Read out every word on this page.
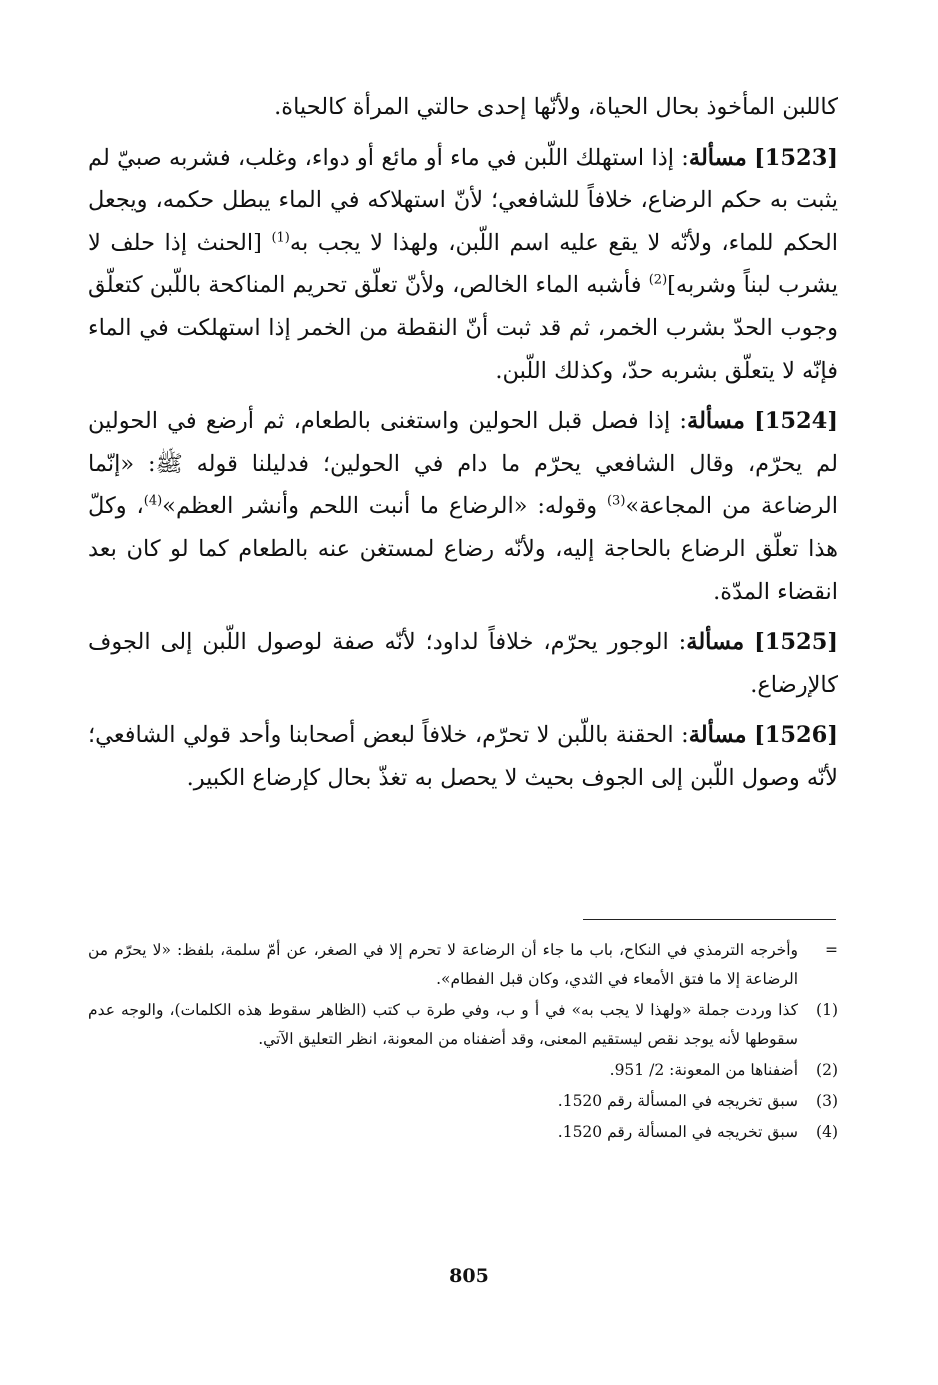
كاللبن المأخوذ بحال الحياة، ولأنّها إحدى حالتي المرأة كالحياة.

[1523] مسألة: إذا استهلك اللّبن في ماء أو مائع أو دواء، وغلب، فشربه صبيّ لم يثبت به حكم الرضاع، خلافاً للشافعي؛ لأنّ استهلاكه في الماء يبطل حكمه، ويجعل الحكم للماء، ولأنّه لا يقع عليه اسم اللّبن، ولهذا لا يجب به$^{(1)}$ [الحنث إذا حلف لا يشرب لبناً وشربه]$^{(2)}$ فأشبه الماء الخالص، ولأنّ تعلّق تحريم المناكحة باللّبن كتعلّق وجوب الحدّ بشرب الخمر، ثم قد ثبت أنّ النقطة من الخمر إذا استهلكت في الماء فإنّه لا يتعلّق بشربه حدّ، وكذلك اللّبن.

[1524] مسألة: إذا فصل قبل الحولين واستغنى بالطعام، ثم أرضع في الحولين لم يحرّم، وقال الشافعي يحرّم ما دام في الحولين؛ فدليلنا قوله ﷺ: «إنّما الرضاعة من المجاعة»$^{(3)}$ وقوله: «الرضاع ما أنبت اللحم وأنشر العظم»$^{(4)}$، وكلّ هذا تعلّق الرضاع بالحاجة إليه، ولأنّه رضاع لمستغن عنه بالطعام كما لو كان بعد انقضاء المدّة.

[1525] مسألة: الوجور يحرّم، خلافاً لداود؛ لأنّه صفة لوصول اللّبن إلى الجوف كالإرضاع.

[1526] مسألة: الحقنة باللّبن لا تحرّم، خلافاً لبعض أصحابنا وأحد قولي الشافعي؛ لأنّه وصول اللّبن إلى الجوف بحيث لا يحصل به تغذّ بحال كإرضاع الكبير.

=
وأخرجه الترمذي في النكاح، باب ما جاء أن الرضاعة لا تحرم إلا في الصغر، عن أمّ سلمة، بلفظ: «لا يحرّم من الرضاعة إلا ما فتق الأمعاء في الثدي، وكان قبل الفطام».
(1)
كذا وردت جملة «ولهذا لا يجب به» في أ و ب، وفي طرة ب كتب (الظاهر سقوط هذه الكلمات)، والوجه عدم سقوطها لأنه يوجد نقص ليستقيم المعنى، وقد أضفناه من المعونة، انظر التعليق الآتي.
(2)
أضفناها من المعونة: 2/ 951.
(3)
سبق تخريجه في المسألة رقم 1520.
(4)
سبق تخريجه في المسألة رقم 1520.
805
